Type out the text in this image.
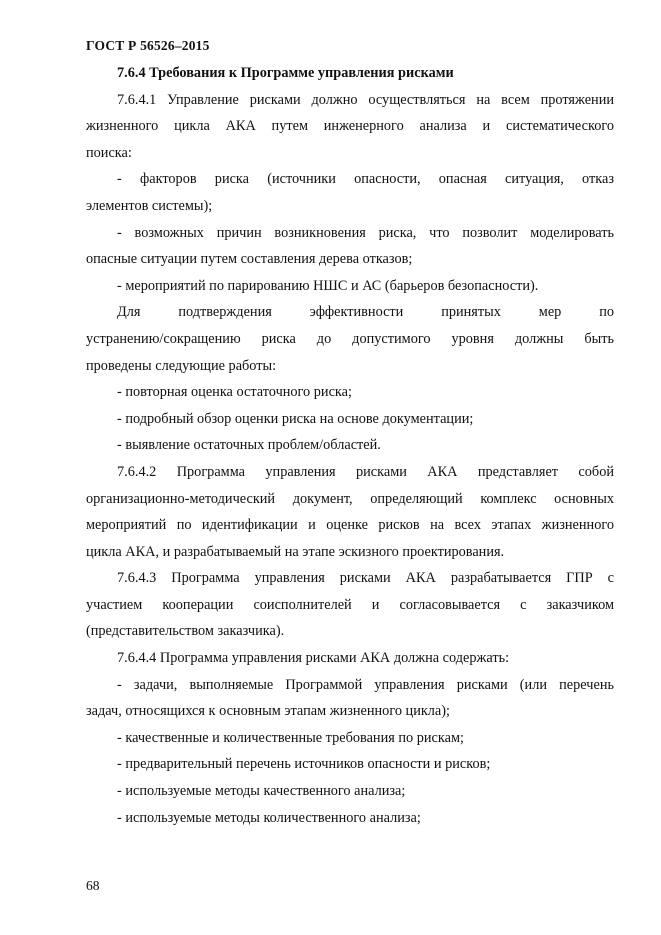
ГОСТ Р 56526–2015
7.6.4 Требования к Программе управления рисками
7.6.4.1 Управление рисками должно осуществляться на всем протяжении
жизненного цикла АКА путем инженерного анализа и систематического
поиска:
- факторов риска (источники опасности, опасная ситуация, отказ
элементов системы);
- возможных причин возникновения риска, что позволит моделировать
опасные ситуации путем составления дерева отказов;
- мероприятий по парированию НШС и АС (барьеров безопасности).
Для подтверждения эффективности принятых мер по
устранению/сокращению риска до допустимого уровня должны быть
проведены следующие работы:
- повторная оценка остаточного риска;
- подробный обзор оценки риска на основе документации;
- выявление остаточных проблем/областей.
7.6.4.2 Программа управления рисками АКА представляет собой
организационно-методический документ, определяющий комплекс основных
мероприятий по идентификации и оценке рисков на всех этапах жизненного
цикла АКА, и разрабатываемый на этапе эскизного проектирования.
7.6.4.3 Программа управления рисками АКА разрабатывается ГПР с
участием кооперации соисполнителей и согласовывается с заказчиком
(представительством заказчика).
7.6.4.4 Программа управления рисками АКА должна содержать:
- задачи, выполняемые Программой управления рисками (или перечень
задач, относящихся к основным этапам жизненного цикла);
- качественные и количественные требования по рискам;
- предварительный перечень источников опасности и рисков;
- используемые методы качественного анализа;
- используемые методы количественного анализа;
68
